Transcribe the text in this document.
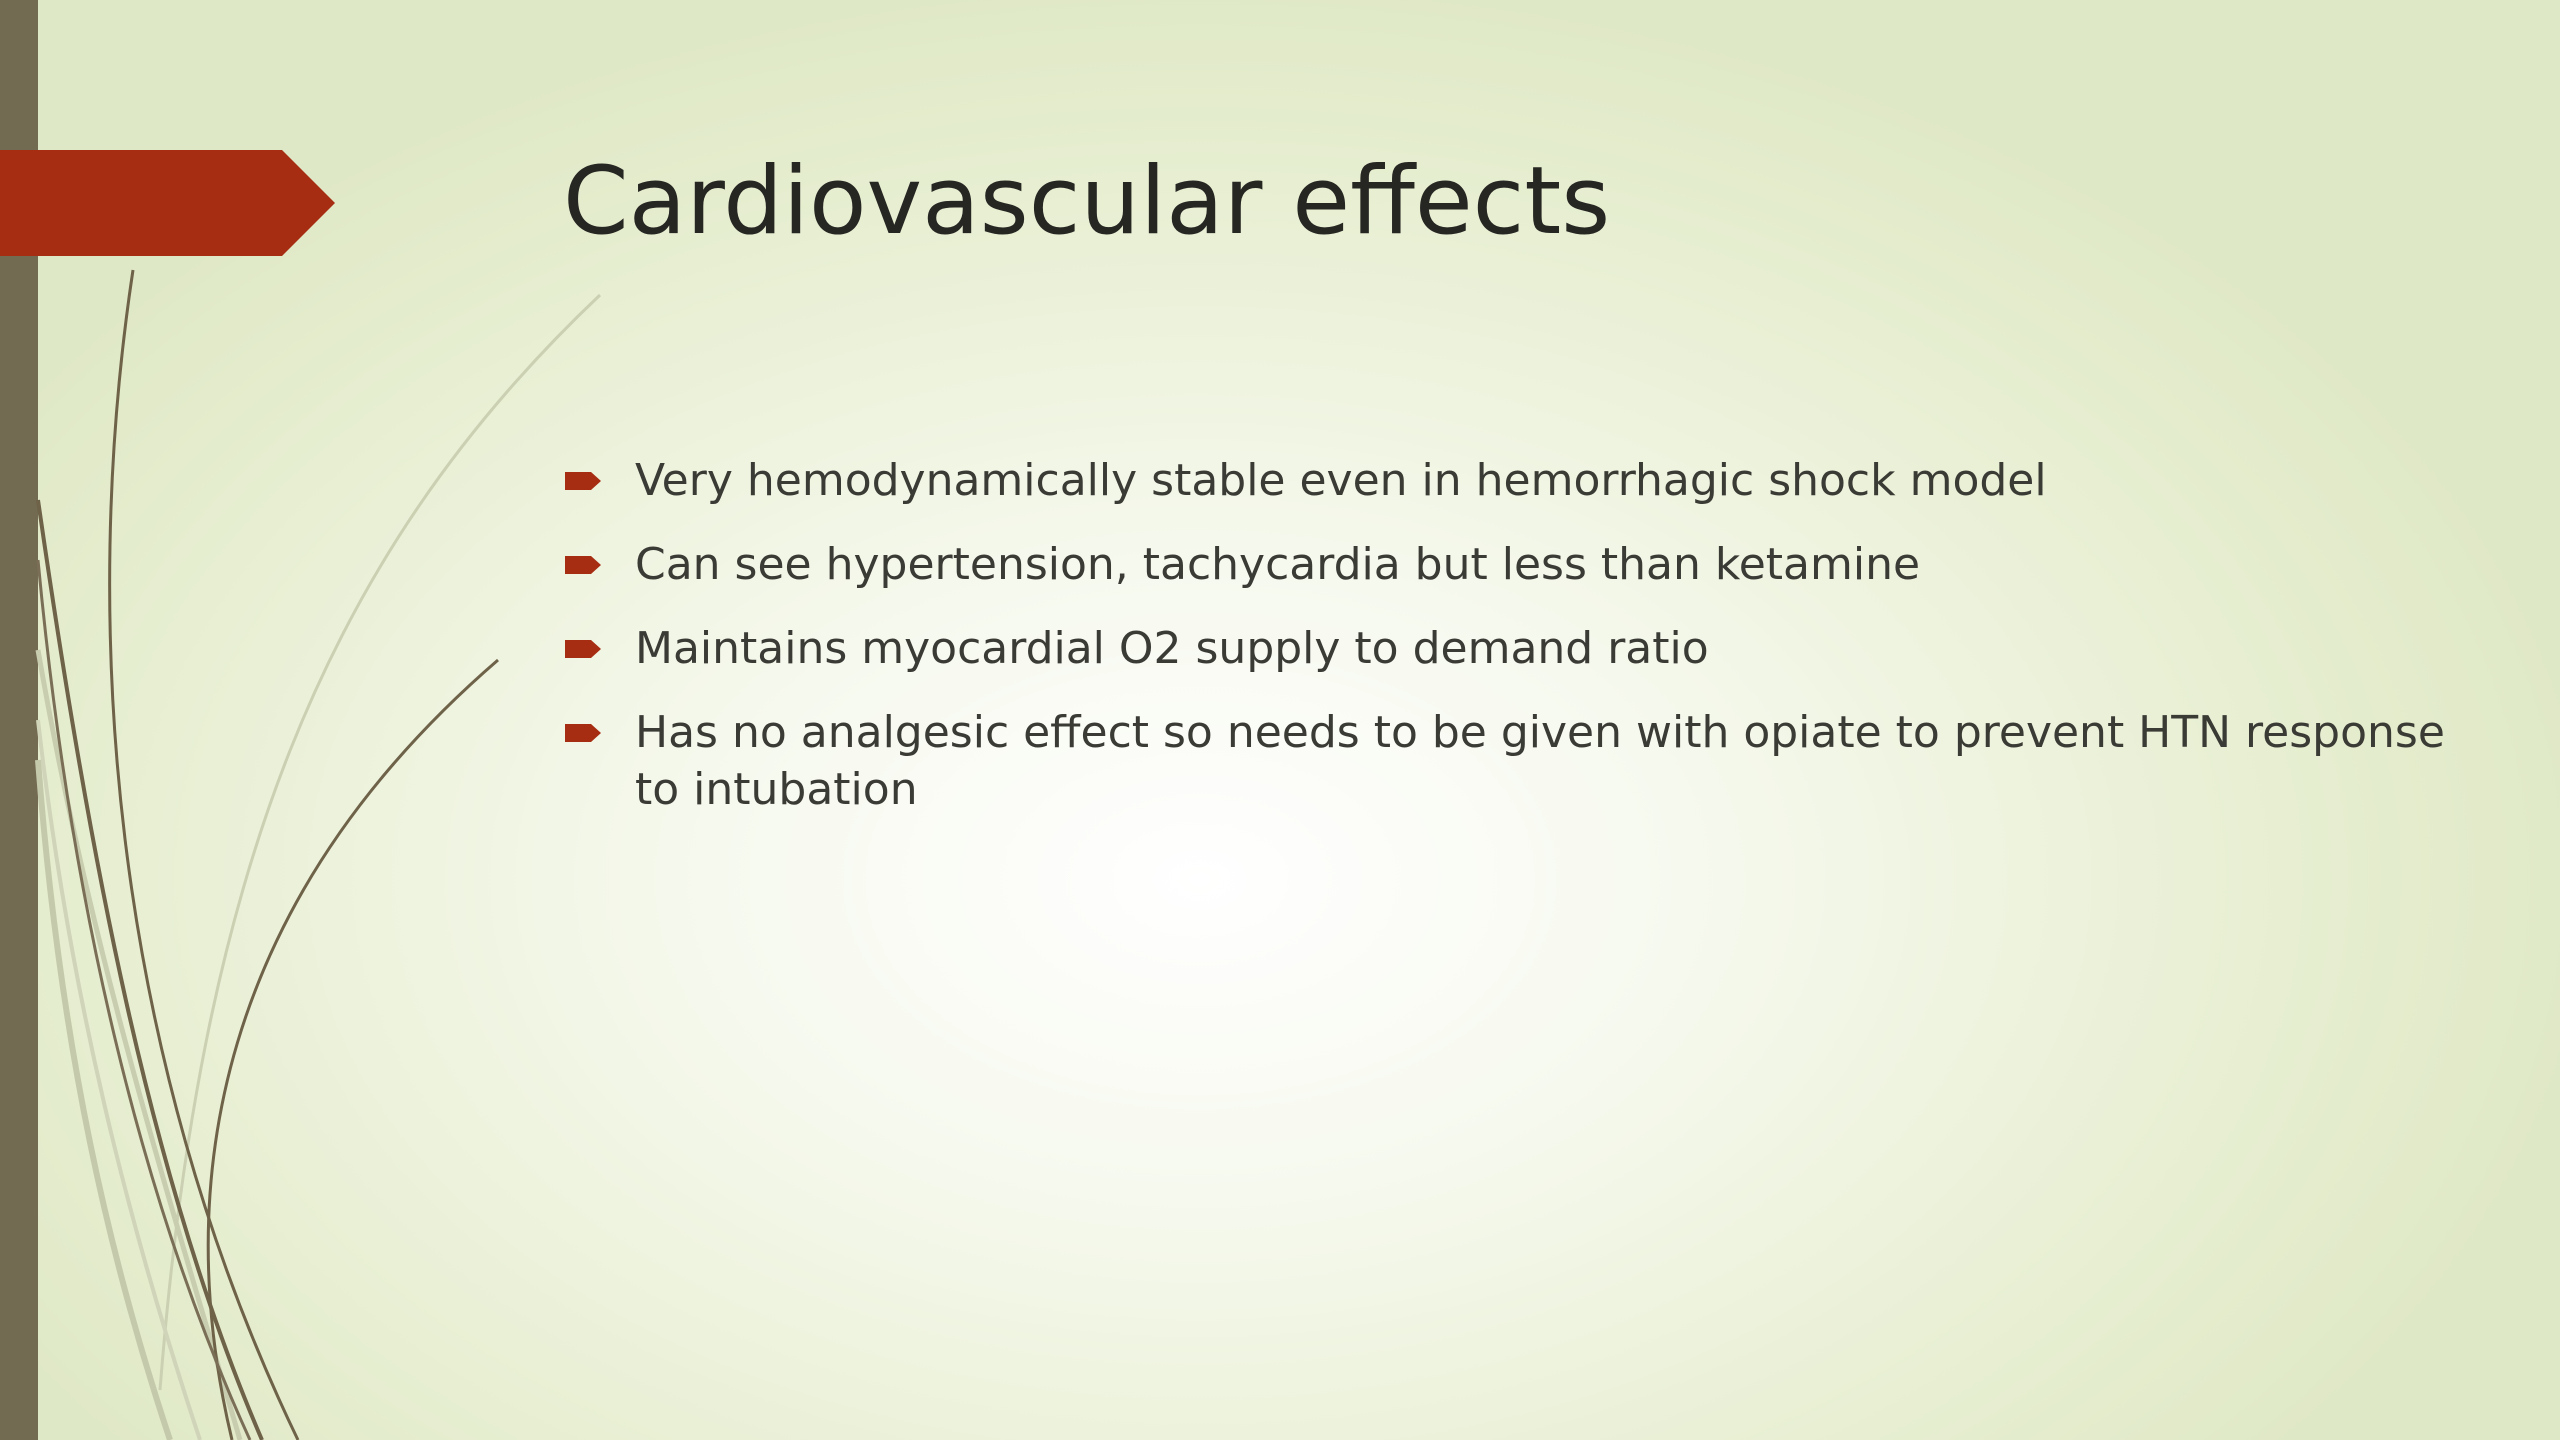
Cardiovascular effects
Very hemodynamically stable even in hemorrhagic shock model
Can see hypertension, tachycardia but less than ketamine
Maintains myocardial O2 supply to demand ratio
Has no analgesic effect so needs to be given with opiate to prevent HTN response to intubation
